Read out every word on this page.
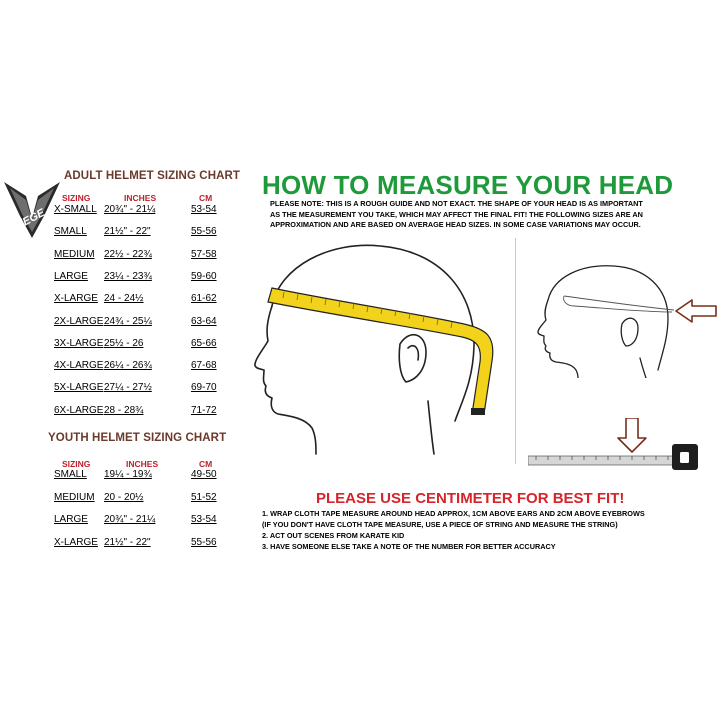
VEGE
ADULT HELMET SIZING CHART
SIZING	INCHES	CM
X-SMALL 20¾" - 21¼	53-54
SMALL 21½" - 22"	55-56
MEDIUM 22½ - 22¾	57-58
LARGE 23¼ - 23¾	59-60
X-LARGE 24 - 24½	61-62
2X-LARGE 24¾ - 25¼	63-64
3X-LARGE 25½ - 26	65-66
4X-LARGE 26¼ - 26¾	67-68
5X-LARGE 27¼ - 27½	69-70
6X-LARGE 28 - 28¾	71-72
YOUTH HELMET SIZING CHART
SIZING	INCHES	CM
SMALL 19¼ - 19¾	49-50
MEDIUM 20 - 20½	51-52
LARGE 20¾" - 21¼	53-54
X-LARGE 21½" - 22"	55-56
HOW TO MEASURE YOUR HEAD
PLEASE NOTE: THIS IS A ROUGH GUIDE AND NOT EXACT. THE SHAPE OF YOUR HEAD IS AS IMPORTANT
AS THE MEASUREMENT YOU TAKE, WHICH MAY AFFECT THE FINAL FIT! THE FOLLOWING SIZES ARE AN
APPROXIMATION AND ARE BASED ON AVERAGE HEAD SIZES. IN SOME CASE VARIATIONS MAY OCCUR.
PLEASE USE CENTIMETER FOR BEST FIT!
1. WRAP CLOTH TAPE MEASURE AROUND HEAD APPROX, 1CM ABOVE EARS AND 2CM ABOVE EYEBROWS
(IF YOU DON'T HAVE CLOTH TAPE MEASURE, USE A PIECE OF STRING AND MEASURE THE STRING)
2. ACT OUT SCENES FROM KARATE KID
3. HAVE SOMEONE ELSE TAKE A NOTE OF THE NUMBER FOR BETTER ACCURACY
